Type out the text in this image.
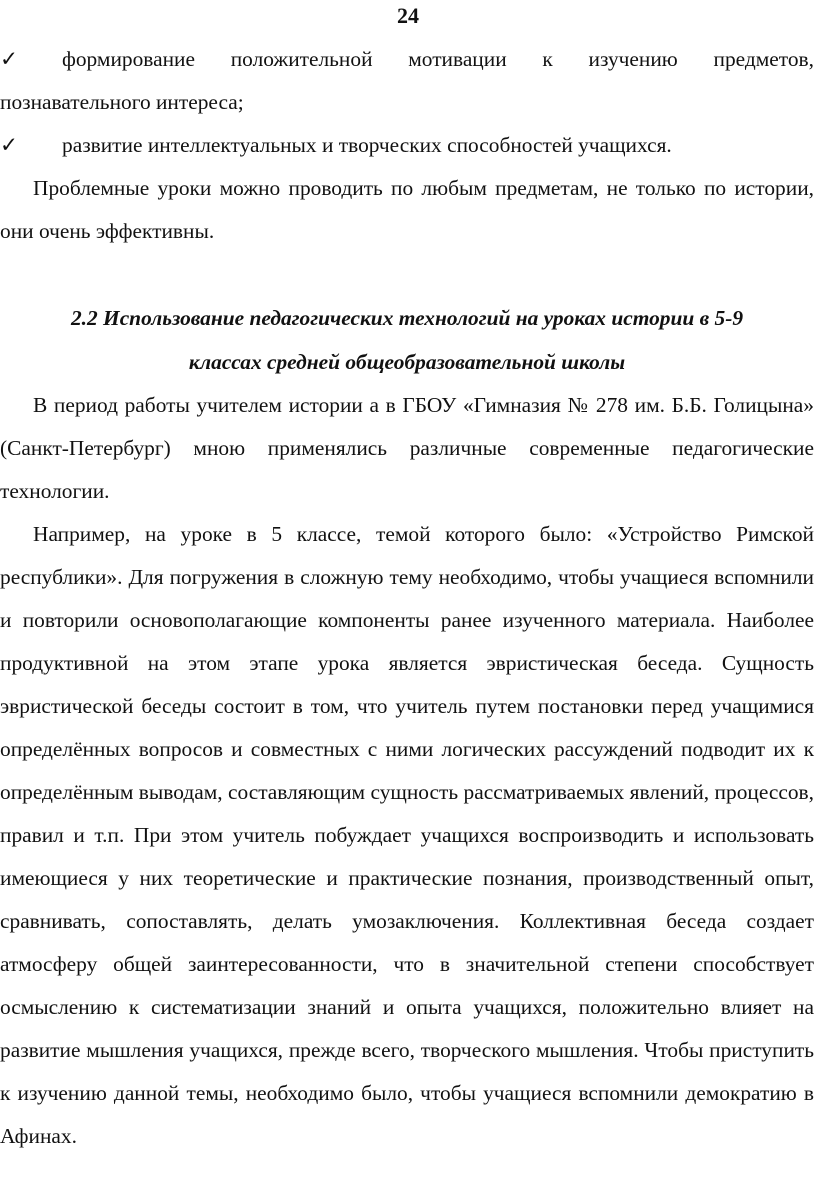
24

✓ формирование положительной мотивации к изучению предметов, познавательного интереса;

✓ развитие интеллектуальных и творческих способностей учащихся.

Проблемные уроки можно проводить по любым предметам, не только по истории, они очень эффективны.

2.2 Использование педагогических технологий на уроках истории в 5-9
классах средней общеобразовательной школы

В период работы учителем истории а в ГБОУ «Гимназия № 278 им. Б.Б. Голицына» (Санкт-Петербург) мною применялись различные современные педагогические технологии.

Например, на уроке в 5 классе, темой которого было: «Устройство Римской республики». Для погружения в сложную тему необходимо, чтобы учащиеся вспомнили и повторили основополагающие компоненты ранее изученного материала. Наиболее продуктивной на этом этапе урока является эвристическая беседа. Сущность эвристической беседы состоит в том, что учитель путем постановки перед учащимися определённых вопросов и совместных с ними логических рассуждений подводит их к определённым выводам, составляющим сущность рассматриваемых явлений, процессов, правил и т.п. При этом учитель побуждает учащихся воспроизводить и использовать имеющиеся у них теоретические и практические познания, производственный опыт, сравнивать, сопоставлять, делать умозаключения. Коллективная беседа создает атмосферу общей заинтересованности, что в значительной степени способствует осмыслению к систематизации знаний и опыта учащихся, положительно влияет на развитие мышления учащихся, прежде всего, творческого мышления. Чтобы приступить к изучению данной темы, необходимо было, чтобы учащиеся вспомнили демократию в Афинах.
